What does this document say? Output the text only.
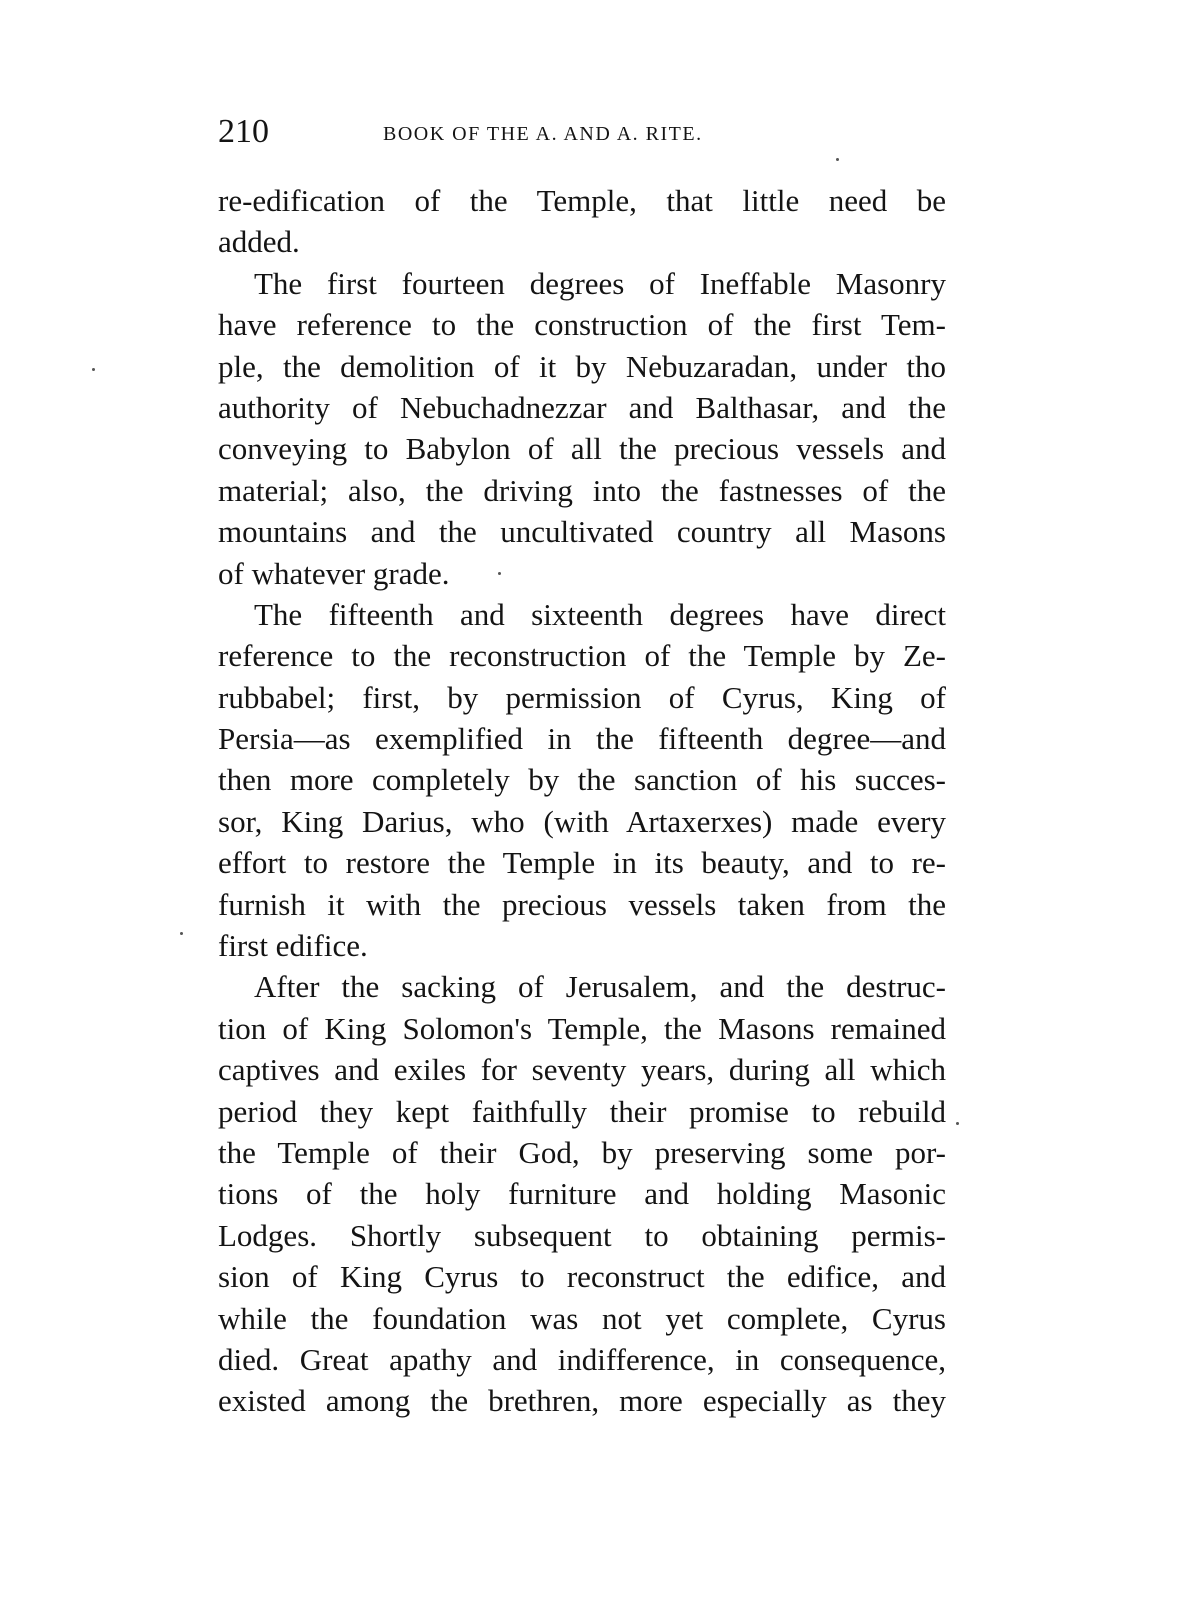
210	BOOK OF THE A. AND A. RITE.
re-edification of the Temple, that little need be
added.
The first fourteen degrees of Ineffable Masonry
have reference to the construction of the first Tem-
ple, the demolition of it by Nebuzaradan, under tho
authority of Nebuchadnezzar and Balthasar, and the
conveying to Babylon of all the precious vessels and
material; also, the driving into the fastnesses of the
mountains and the uncultivated country all Masons
of whatever grade.
The fifteenth and sixteenth degrees have direct
reference to the reconstruction of the Temple by Ze-
rubbabel; first, by permission of Cyrus, King of
Persia—as exemplified in the fifteenth degree—and
then more completely by the sanction of his succes-
sor, King Darius, who (with Artaxerxes) made every
effort to restore the Temple in its beauty, and to re-
furnish it with the precious vessels taken from the
first edifice.
After the sacking of Jerusalem, and the destruc-
tion of King Solomon's Temple, the Masons remained
captives and exiles for seventy years, during all which
period they kept faithfully their promise to rebuild
the Temple of their God, by preserving some por-
tions of the holy furniture and holding Masonic
Lodges. Shortly subsequent to obtaining permis-
sion of King Cyrus to reconstruct the edifice, and
while the foundation was not yet complete, Cyrus
died. Great apathy and indifference, in consequence,
existed among the brethren, more especially as they
